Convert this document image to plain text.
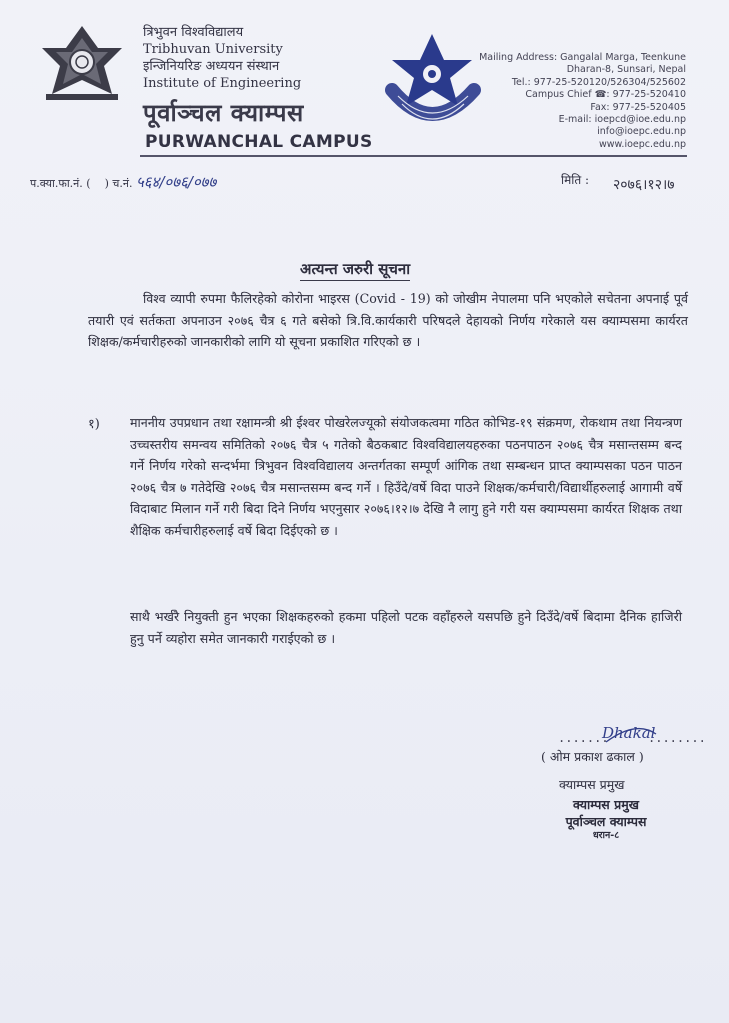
त्रिभुवन विश्वविद्यालय
Tribhuvan University
इन्जिनियरिङ अध्ययन संस्थान
Institute of Engineering
पूर्वाञ्चल क्याम्पस
PURWANCHAL CAMPUS
Mailing Address: Gangalal Marga, Teenkune
Dharan-8, Sunsari, Nepal
Tel.: 977-25-520120/526304/525602
Campus Chief ☎: 977-25-520410
Fax: 977-25-520405
E-mail: ioepcd@ioe.edu.np
info@ioepc.edu.np
www.ioepc.edu.np
प.क्या.फा.नं. ( ) च.नं. ५६४/०७६/०७७	मिति : २०७६।१२।७
अत्यन्त जरुरी सूचना
विश्व व्यापी रुपमा फैलिरहेको कोरोना भाइरस (Covid - 19) को जोखीम नेपालमा पनि भएकोले सचेतना अपनाई पूर्व तयारी एवं सर्तकता अपनाउन २०७६ चैत्र ६ गते बसेको त्रि.वि.कार्यकारी परिषदले देहायको निर्णय गरेकाले यस क्याम्पसमा कार्यरत शिक्षक/कर्मचारीहरुको जानकारीको लागि यो सूचना प्रकाशित गरिएको छ ।
१) माननीय उपप्रधान तथा रक्षामन्त्री श्री ईश्वर पोखरेलज्यूको संयोजकत्वमा गठित कोभिड-१९ संक्रमण, रोकथाम तथा नियन्त्रण उच्चस्तरीय समन्वय समितिको २०७६ चैत्र ५ गतेको बैठकबाट विश्वविद्यालयहरुका पठनपाठन २०७६ चैत्र मसान्तसम्म बन्द गर्ने निर्णय गरेको सन्दर्भमा त्रिभुवन विश्वविद्यालय अन्तर्गतका सम्पूर्ण आंगिक तथा सम्बन्धन प्राप्त क्याम्पसका पठन पाठन २०७६ चैत्र ७ गतेदेखि २०७६ चैत्र मसान्तसम्म बन्द गर्ने । हिउँदे/वर्षे विदा पाउने शिक्षक/कर्मचारी/विद्यार्थीहरुलाई आगामी वर्षे विदाबाट मिलान गर्ने गरी बिदा दिने निर्णय भएनुसार २०७६।१२।७ देखि नै लागु हुने गरी यस क्याम्पसमा कार्यरत शिक्षक तथा शैक्षिक कर्मचारीहरुलाई वर्षे बिदा दिईएको छ ।
साथै भर्खरै नियुक्ती हुन भएका शिक्षकहरुको हकमा पहिलो पटक वहाँहरुले यसपछि हुने दिउँदे/वर्षे बिदामा दैनिक हाजिरी हुनु पर्ने व्यहोरा समेत जानकारी गराईएको छ ।
.......
Dhakal
........
( ओम प्रकाश ढकाल )
क्याम्पस प्रमुख
क्याम्पस प्रमुख
पूर्वाञ्चल क्याम्पस
धरान-८
